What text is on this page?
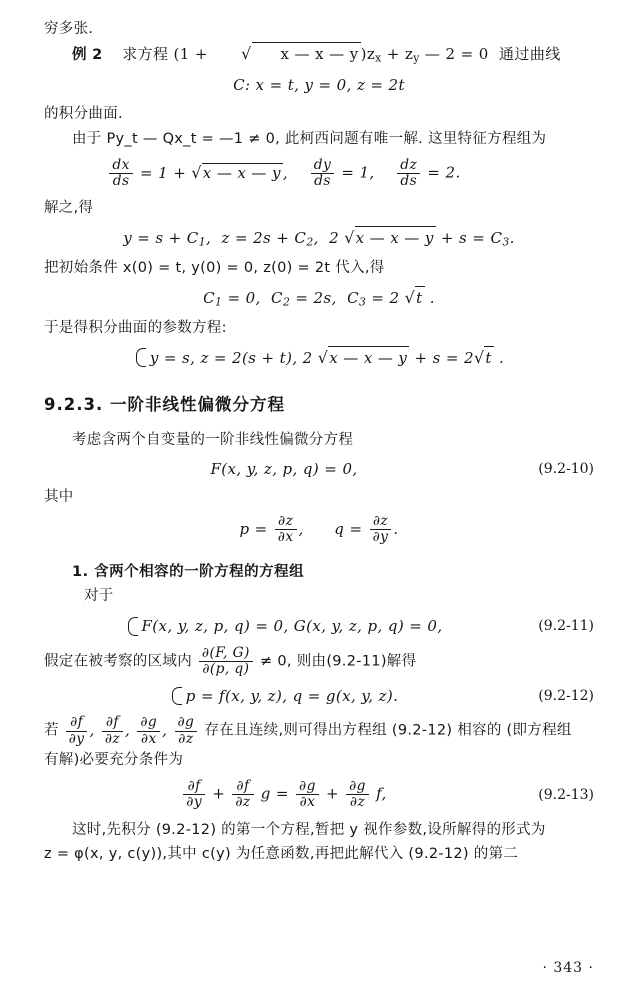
穷多张.

例 2 求方程 (1 + √ x — x — y )$z_x + z_y$ — 2 = 0  通过曲线

C: x = t, y = 0, z = 2t

的积分曲面.

由于 Py_t — Qx_t = —1 ≠ 0, 此柯西问题有唯一解. 这里特征方程组为

$\frac{dx}{ds} = 1 + √x$ — x — y , $\frac{dy}{ds} = 1$, $\frac{dz}{ds} = 2$.

解之,得

$y = s + C_1$,  $z = 2s + C_2$,  2 √x — x — $y + s = C_3$.

把初始条件 x(0) = t, y(0) = 0, z(0) = 2t 代入,得

$C_1 = 0$,  $C_2 = 2s$,  $C_3 = 2$ √t .

于是得积分曲面的参数方程:

y = s, z = 2(s + t), 2 √x — x — y + s = 2√t .
9.2.3. 一阶非线性偏微分方程

考虑含两个自变量的一阶非线性偏微分方程

F(x, y, z, p, q) = 0,	(9.2-10)

其中

$p = \frac{\partial z}{\partial x}$ ,      $q = \frac{\partial z}{\partial y}$ .

1. 含两个相容的一阶方程的方程组

对于

F(x, y, z, p, q) = 0, G(x, y, z, p, q) = 0,	(9.2-11)

假定在被考察的区域内 $\frac{\partial(F, G)}{\partial(p, q)} \ne 0$, 则由(9.2-11)解得

p = f(x, y, z), q = g(x, y, z).	(9.2-12)

若 $\frac{\partial f}{\partial y}$ , $\frac{\partial f}{\partial z}$ , $\frac{\partial g}{\partial x}$ , $\frac{\partial g}{\partial z}$ 存在且连续,则可得出方程组 (9.2-12) 相容的 (即方程组

有解)必要充分条件为

$\frac{\partial f}{\partial y} + \frac{\partial f}{\partial z}$ $g = \frac{\partial g}{\partial x} + \frac{\partial g}{\partial z} f$,	(9.2-13)

这时,先积分 (9.2-12) 的第一个方程,暂把 y 视作参数,设所解得的形式为

z = φ(x, y, c(y)),其中 c(y) 为任意函数,再把此解代入 (9.2-12) 的第二

· 343 ·
